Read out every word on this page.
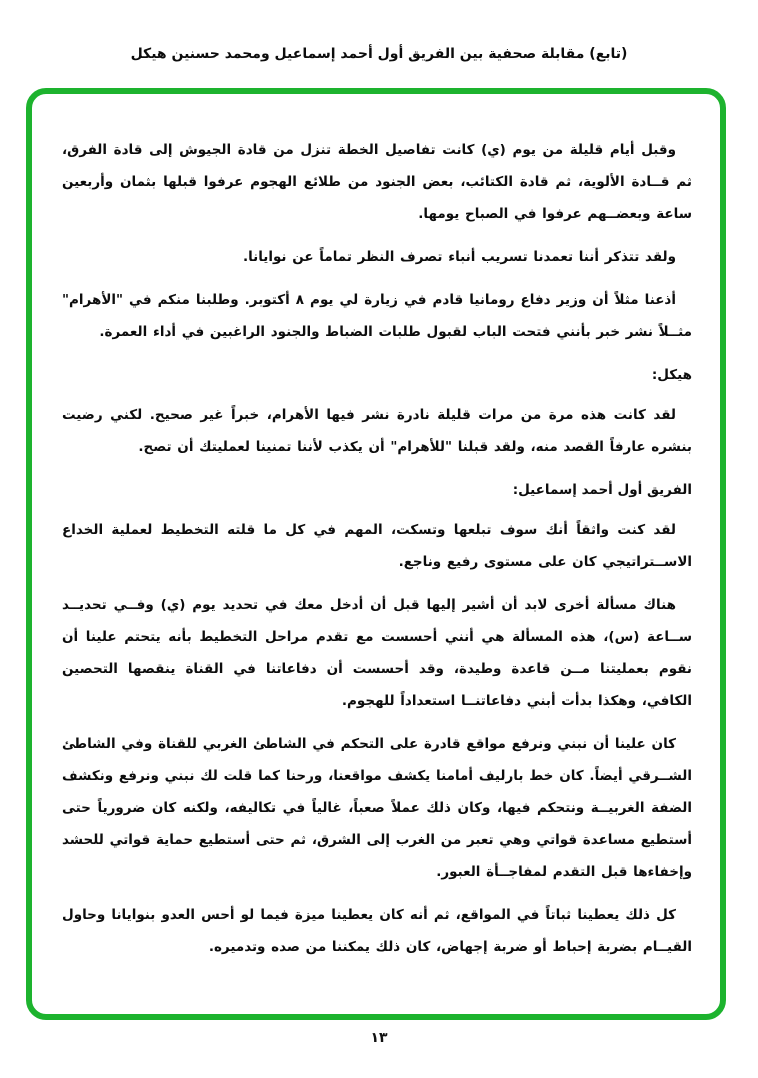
(تابع) مقابلة صحفية بين الفريق أول أحمد إسماعيل ومحمد حسنين هيكل

وقبل أيام قليلة من يوم (ي) كانت تفاصيل الخطة تنزل من قادة الجيوش إلى قادة الفرق، ثم قــادة الألوية، ثم قادة الكتائب، بعض الجنود من طلائع الهجوم عرفوا قبلها بثمان وأربعين ساعة وبعضــهم عرفوا في الصباح يومها.

ولقد تتذكر أننا تعمدنا تسريب أنباء تصرف النظر تماماً عن نوايانا.

أذعنا مثلاً أن وزير دفاع رومانيا قادم في زيارة لي يوم ٨ أكتوبر. وطلبنا منكم في "الأهرام" مثــلاً نشر خبر بأنني فتحت الباب لقبول طلبات الضباط والجنود الراغبين في أداء العمرة.

هيكل:

لقد كانت هذه مرة من مرات قليلة نادرة نشر فيها الأهرام، خبراً غير صحيح. لكني رضيت بنشره عارفاً القصد منه، ولقد قبلنا "للأهرام" أن يكذب لأننا تمنينا لعمليتك أن تصح.

الفريق أول أحمد إسماعيل:

لقد كنت واثقاً أنك سوف تبلعها وتسكت، المهم في كل ما قلته التخطيط لعملية الخداع الاســتراتيجي كان على مستوى رفيع وناجع.

هناك مسألة أخرى لابد أن أشير إليها قبل أن أدخل معك في تحديد يوم (ي) وفــي تحديــد ســاعة (س)، هذه المسألة هي أنني أحسست مع تقدم مراحل التخطيط بأنه يتحتم علينا أن نقوم بعمليتنا مــن قاعدة وطيدة، وقد أحسست أن دفاعاتنا في القناة ينقصها التحصين الكافي، وهكذا بدأت أبني دفاعاتنــا استعداداً للهجوم.

كان علينا أن نبني ونرفع مواقع قادرة على التحكم في الشاطئ الغربي للقناة وفي الشاطئ الشــرقي أيضاً. كان خط بارليف أمامنا يكشف مواقعنا، ورحنا كما قلت لك نبني ونرفع ونكشف الضفة الغربيــة ونتحكم فيها، وكان ذلك عملاً صعباً، غالياً في تكاليفه، ولكنه كان ضرورياً حتى أستطيع مساعدة قواتي وهي تعبر من الغرب إلى الشرق، ثم حتى أستطيع حماية قواتي للحشد وإخفاءها قبل التقدم لمفاجــأة العبور.

كل ذلك يعطينا ثباتاً في المواقع، ثم أنه كان يعطينا ميزة فيما لو أحس العدو بنوايانا وحاول القيــام بضربة إحباط أو ضربة إجهاض، كان ذلك يمكننا من صده وتدميره.

١٣
